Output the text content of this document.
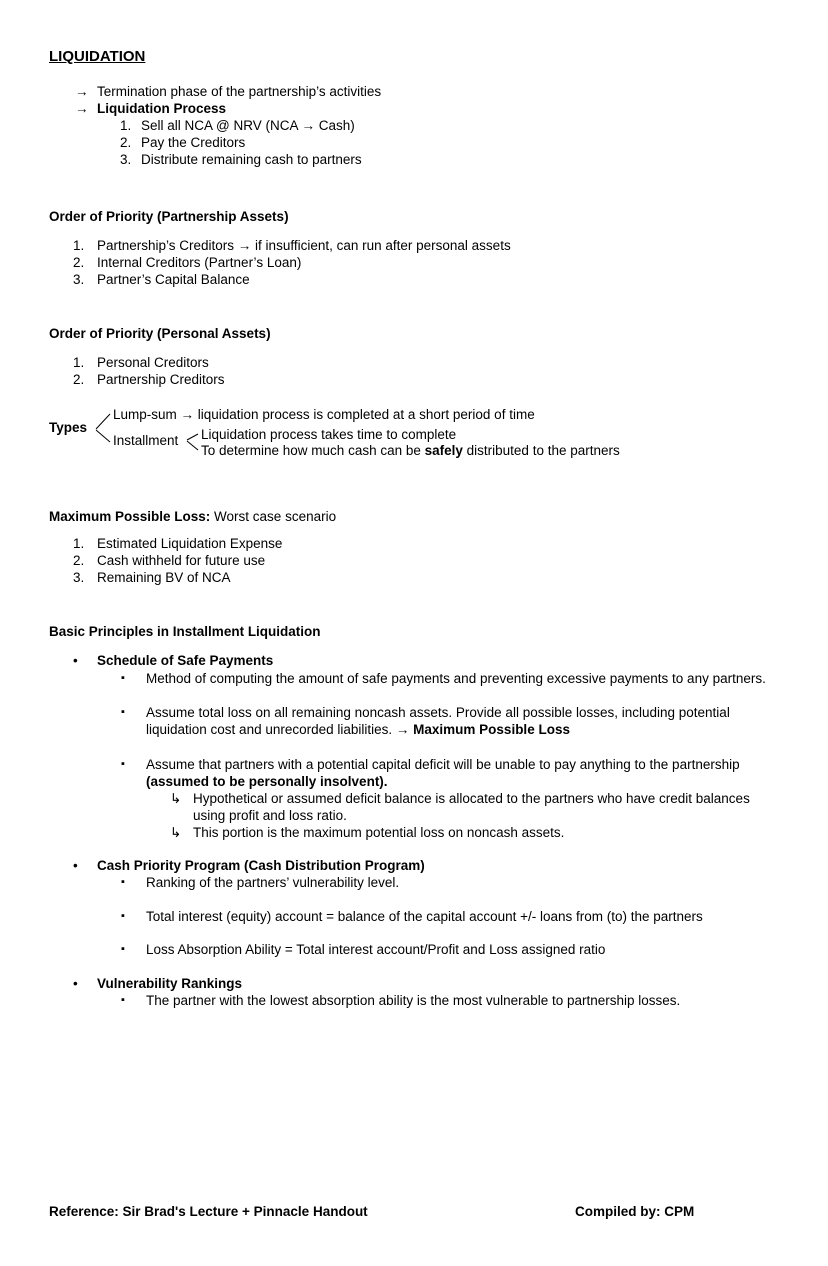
LIQUIDATION
→ Termination phase of the partnership’s activities
→ Liquidation Process
1. Sell all NCA @ NRV (NCA → Cash)
2. Pay the Creditors
3. Distribute remaining cash to partners
Order of Priority (Partnership Assets)
1. Partnership’s Creditors → if insufficient, can run after personal assets
2. Internal Creditors (Partner’s Loan)
3. Partner’s Capital Balance
Order of Priority (Personal Assets)
1. Personal Creditors
2. Partnership Creditors
Types
Lump-sum → liquidation process is completed at a short period of time
Installment Liquidation process takes time to complete
To determine how much cash can be safely distributed to the partners
Maximum Possible Loss: Worst case scenario
1. Estimated Liquidation Expense
2. Cash withheld for future use
3. Remaining BV of NCA
Basic Principles in Installment Liquidation
•	Schedule of Safe Payments
▪	Method of computing the amount of safe payments and preventing excessive payments to any partners.
▪	Assume total loss on all remaining noncash assets. Provide all possible losses, including potential liquidation cost and unrecorded liabilities. → Maximum Possible Loss
▪	Assume that partners with a potential capital deficit will be unable to pay anything to the partnership (assumed to be personally insolvent).
↳ Hypothetical or assumed deficit balance is allocated to the partners who have credit balances using profit and loss ratio.
↳ This portion is the maximum potential loss on noncash assets.
•	Cash Priority Program (Cash Distribution Program)
▪	Ranking of the partners’ vulnerability level.
▪	Total interest (equity) account = balance of the capital account +/- loans from (to) the partners
▪	Loss Absorption Ability = Total interest account/Profit and Loss assigned ratio
•	Vulnerability Rankings
▪	The partner with the lowest absorption ability is the most vulnerable to partnership losses.
Reference: Sir Brad's Lecture + Pinnacle Handout	Compiled by: CPM
